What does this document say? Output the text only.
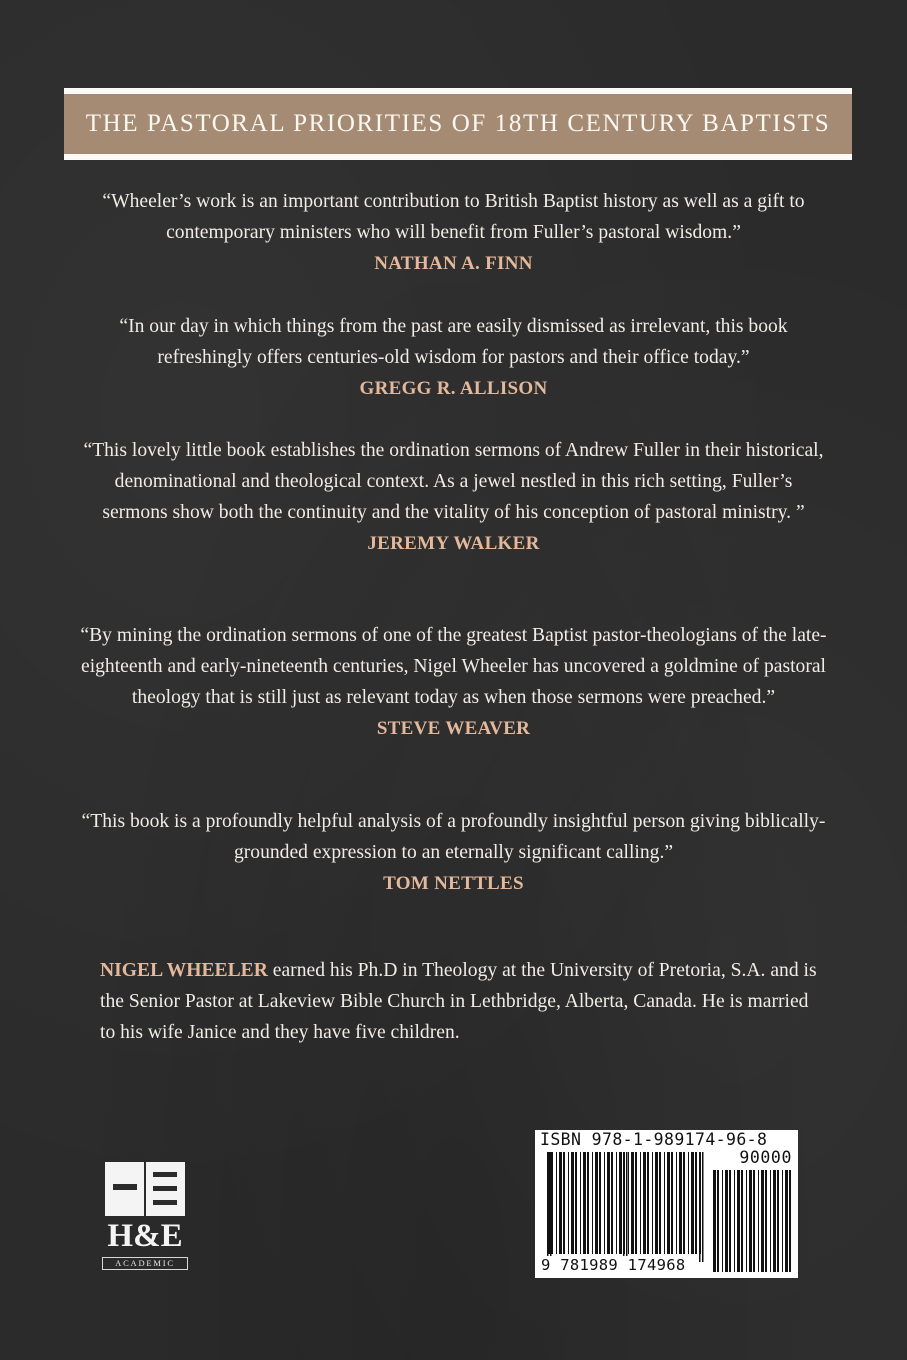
THE PASTORAL PRIORITIES OF 18TH CENTURY BAPTISTS
“Wheeler’s work is an important contribution to British Baptist history as well as a gift to contemporary ministers who will benefit from Fuller’s pastoral wisdom.”
NATHAN A. FINN
“In our day in which things from the past are easily dismissed as irrelevant, this book refreshingly offers centuries-old wisdom for pastors and their office today.”
GREGG R. ALLISON
“This lovely little book establishes the ordination sermons of Andrew Fuller in their historical, denominational and theological context. As a jewel nestled in this rich setting, Fuller’s sermons show both the continuity and the vitality of his conception of pastoral ministry. ”
JEREMY WALKER
“By mining the ordination sermons of one of the greatest Baptist pastor-theologians of the late-eighteenth and early-nineteenth centuries, Nigel Wheeler has uncovered a goldmine of pastoral theology that is still just as relevant today as when those sermons were preached.”
STEVE WEAVER
“This book is a profoundly helpful analysis of a profoundly insightful person giving biblically-grounded expression to an eternally significant calling.”
TOM NETTLES
NIGEL WHEELER earned his Ph.D in Theology at the University of Pretoria, S.A. and is the Senior Pastor at Lakeview Bible Church in Lethbridge, Alberta, Canada. He is married to his wife Janice and they have five children.
H&E
ACADEMIC
ISBN 978-1-989174-96-8
90000
9 781989 174968
